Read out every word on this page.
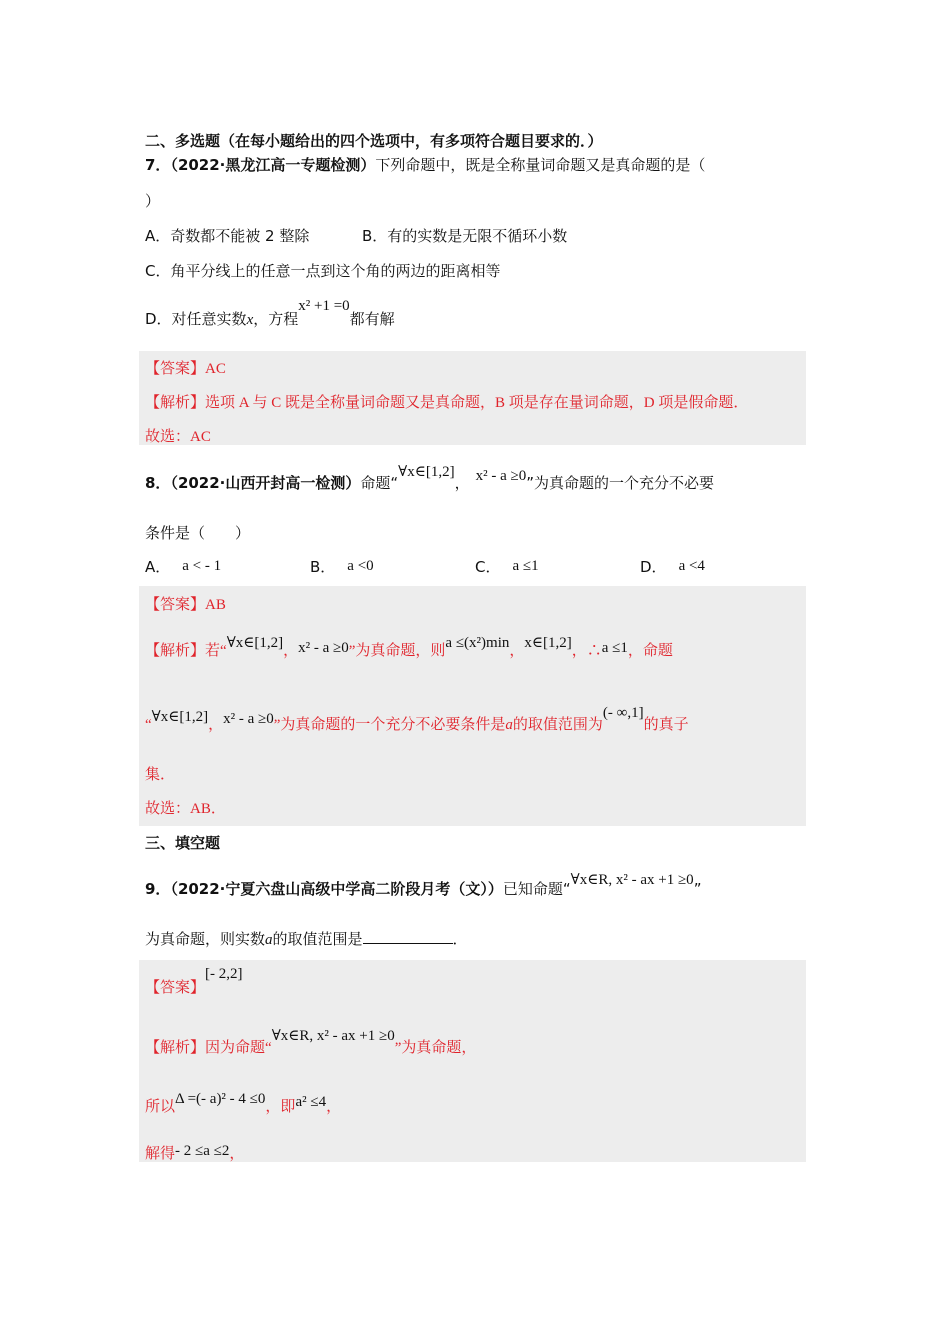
二、多选题（在每小题给出的四个选项中，有多项符合题目要求的．）
7．（2022·黑龙江高一专题检测）下列命题中，既是全称量词命题又是真命题的是（
）
A．奇数都不能被 2 整除	B．有的实数是无限不循环小数
C．角平分线上的任意一点到这个角的两边的距离相等
D．对任意实数x，方程x² +1 =0都有解
【答案】AC
【解析】选项 A 与 C 既是全称量词命题又是真命题，B 项是存在量词命题，D 项是假命题．
故选：AC
8．（2022·山西开封高一检测）命题“∀x∈[1,2]， x² - a ≥0”为真命题的一个充分不必要
条件是（　　）
A． a < - 1	B． a <0	C． a ≤1	D． a <4
【答案】AB
【解析】若“∀x∈[1,2]，x² - a ≥0”为真命题，则a ≤(x²)min，x∈[1,2]，∴a ≤1，命题
“∀x∈[1,2]，x² - a ≥0”为真命题的一个充分不必要条件是a的取值范围为(- ∞,1]的真子
集．
故选：AB．
三、填空题
9．（2022·宁夏六盘山高级中学高二阶段月考（文））已知命题“∀x∈R, x² - ax +1 ≥0”
为真命题，则实数a的取值范围是	．
【答案】[- 2,2]
【解析】因为命题“∀x∈R, x² - ax +1 ≥0”为真命题，
所以Δ =(- a)² - 4 ≤0，即a² ≤4，
解得- 2 ≤a ≤2，
